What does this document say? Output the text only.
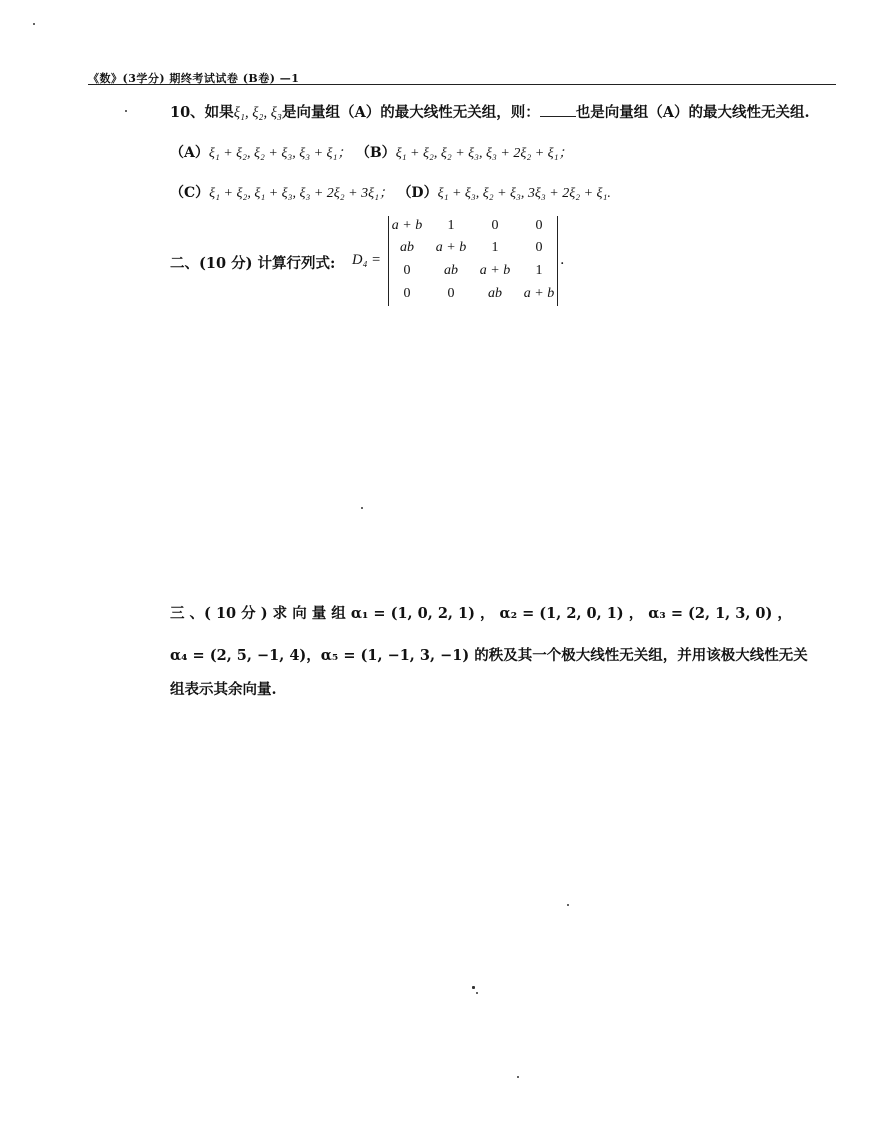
《数》(3学分) 期终考试试卷 (B卷) —1
10、如果ξ₁, ξ₂, ξ₃是向量组（A）的最大线性无关组，则： 也是向量组（A）的最大线性无关组.
（A）ξ₁ + ξ₂, ξ₂ + ξ₃, ξ₃ + ξ₁； （B）ξ₁ + ξ₂, ξ₂ + ξ₃, ξ₃ + 2ξ₂ + ξ₁；
（C）ξ₁ + ξ₂, ξ₁ + ξ₃, ξ₃ + 2ξ₂ + 3ξ₁； （D）ξ₁ + ξ₃, ξ₂ + ξ₃, 3ξ₃ + 2ξ₂ + ξ₁.
二、(10 分) 计算行列式: D₄ =
a + b	1	0	0
ab	a + b	1	0
0	ab	a + b	1
0	0	ab	a + b
.
三 、( 10 分 ) 求 向 量 组 α₁ = (1, 0, 2, 1) ， α₂ = (1, 2, 0, 1) ， α₃ = (2, 1, 3, 0) ，
α₄ = (2, 5, −1, 4)，α₅ = (1, −1, 3, −1) 的秩及其一个极大线性无关组，并用该极大线性无关
组表示其余向量.
